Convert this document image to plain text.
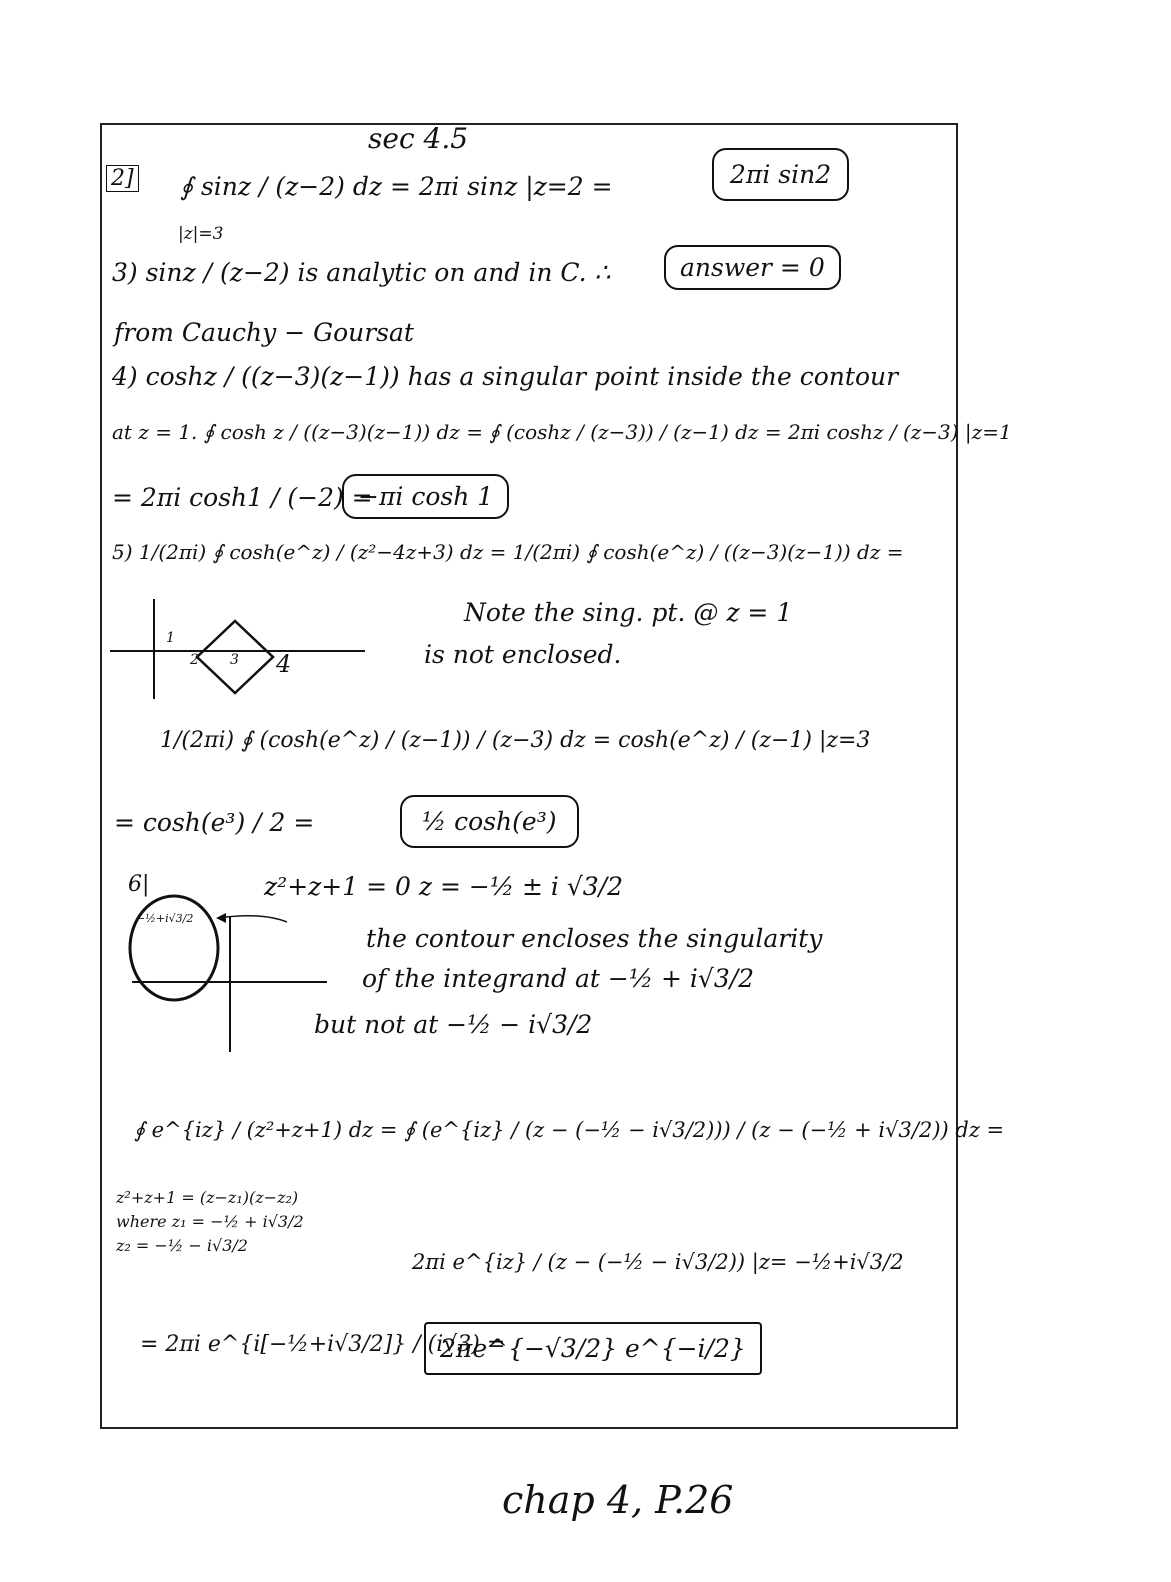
sec 4.5
2] ∮ sinz / (z−2) dz = 2πi sinz |z=2 =
|z|=3
2πi sin2
3) sinz / (z−2) is analytic on and in C. ∴	answer = 0
from Cauchy − Goursat
4) coshz / ((z−3)(z−1)) has a singular point inside the contour
at z = 1. ∮ cosh z / ((z−3)(z−1)) dz = ∮ (coshz / (z−3)) / (z−1) dz = 2πi coshz / (z−3) |z=1
= 2πi cosh1 / (−2) =
−πi cosh 1
5) 1/(2πi) ∮ cosh(e^z) / (z²−4z+3) dz = 1/(2πi) ∮ cosh(e^z) / ((z−3)(z−1)) dz =
1
2 3 4
Note the sing. pt. @ z = 1
is not enclosed.
1/(2πi) ∮ (cosh(e^z) / (z−1)) / (z−3) dz = cosh(e^z) / (z−1) |z=3
= cosh(e³) / 2 =	½ cosh(e³)
6|	z²+z+1 = 0 z = −½ ± i √3/2
−½+i√3/2
the contour encloses the singularity
of the integrand at −½ + i√3/2
but not at −½ − i√3/2
∮ e^{iz} / (z²+z+1) dz = ∮ (e^{iz} / (z − (−½ − i√3/2))) / (z − (−½ + i√3/2)) dz =
z²+z+1 = (z−z₁)(z−z₂)
where z₁ = −½ + i√3/2
z₂ = −½ − i√3/2
2πi e^{iz} / (z − (−½ − i√3/2)) |z= −½+i√3/2
= 2πi e^{i[−½+i√3/2]} / (i√3) =
2πe^{−√3/2} e^{−i/2}
chap 4, P.26
